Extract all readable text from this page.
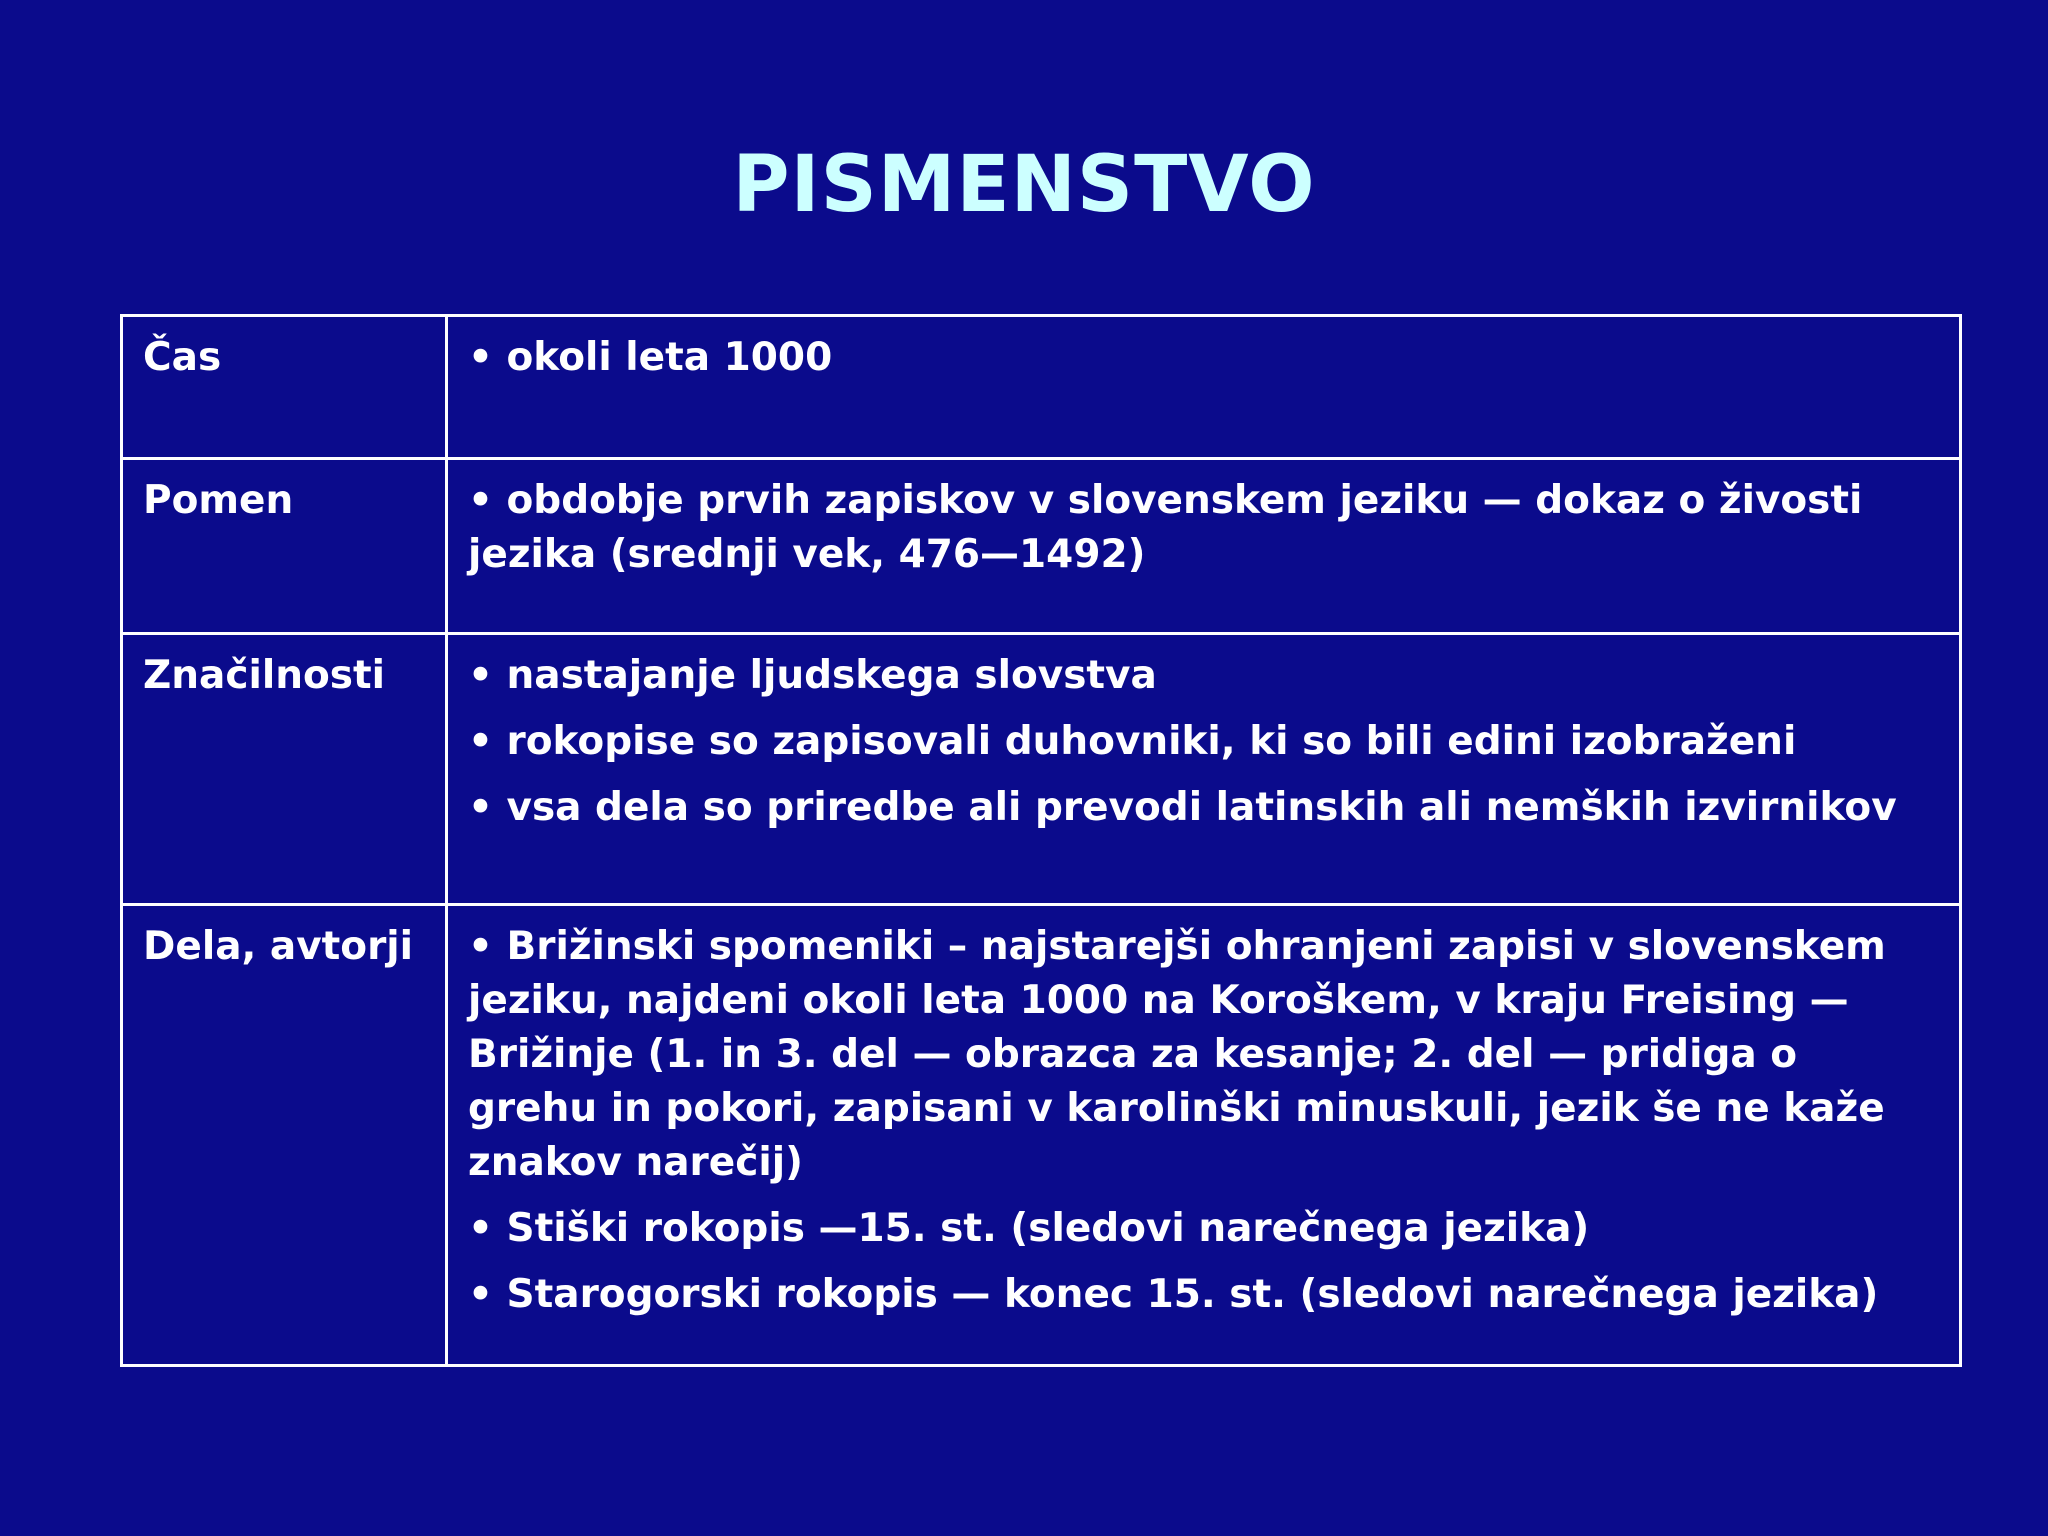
PISMENSTVO
Čas	• okoli leta 1000

Pomen	• obdobje prvih zapiskov v slovenskem jeziku — dokaz o živosti jezika (srednji vek, 476—1492)

Značilnosti	• nastajanje ljudskega slovstva
• rokopise so zapisovali duhovniki, ki so bili edini izobraženi
• vsa dela so priredbe ali prevodi latinskih ali nemških izvirnikov

Dela, avtorji	• Brižinski spomeniki – najstarejši ohranjeni zapisi v slovenskem jeziku, najdeni okoli leta 1000 na Koroškem, v kraju Freising — Brižinje (1. in 3. del — obrazca za kesanje; 2. del — pridiga o grehu in pokori, zapisani v karolinški minuskuli, jezik še ne kaže znakov narečij)
• Stiški rokopis —15. st. (sledovi narečnega jezika)
• Starogorski rokopis — konec 15. st. (sledovi narečnega jezika)
